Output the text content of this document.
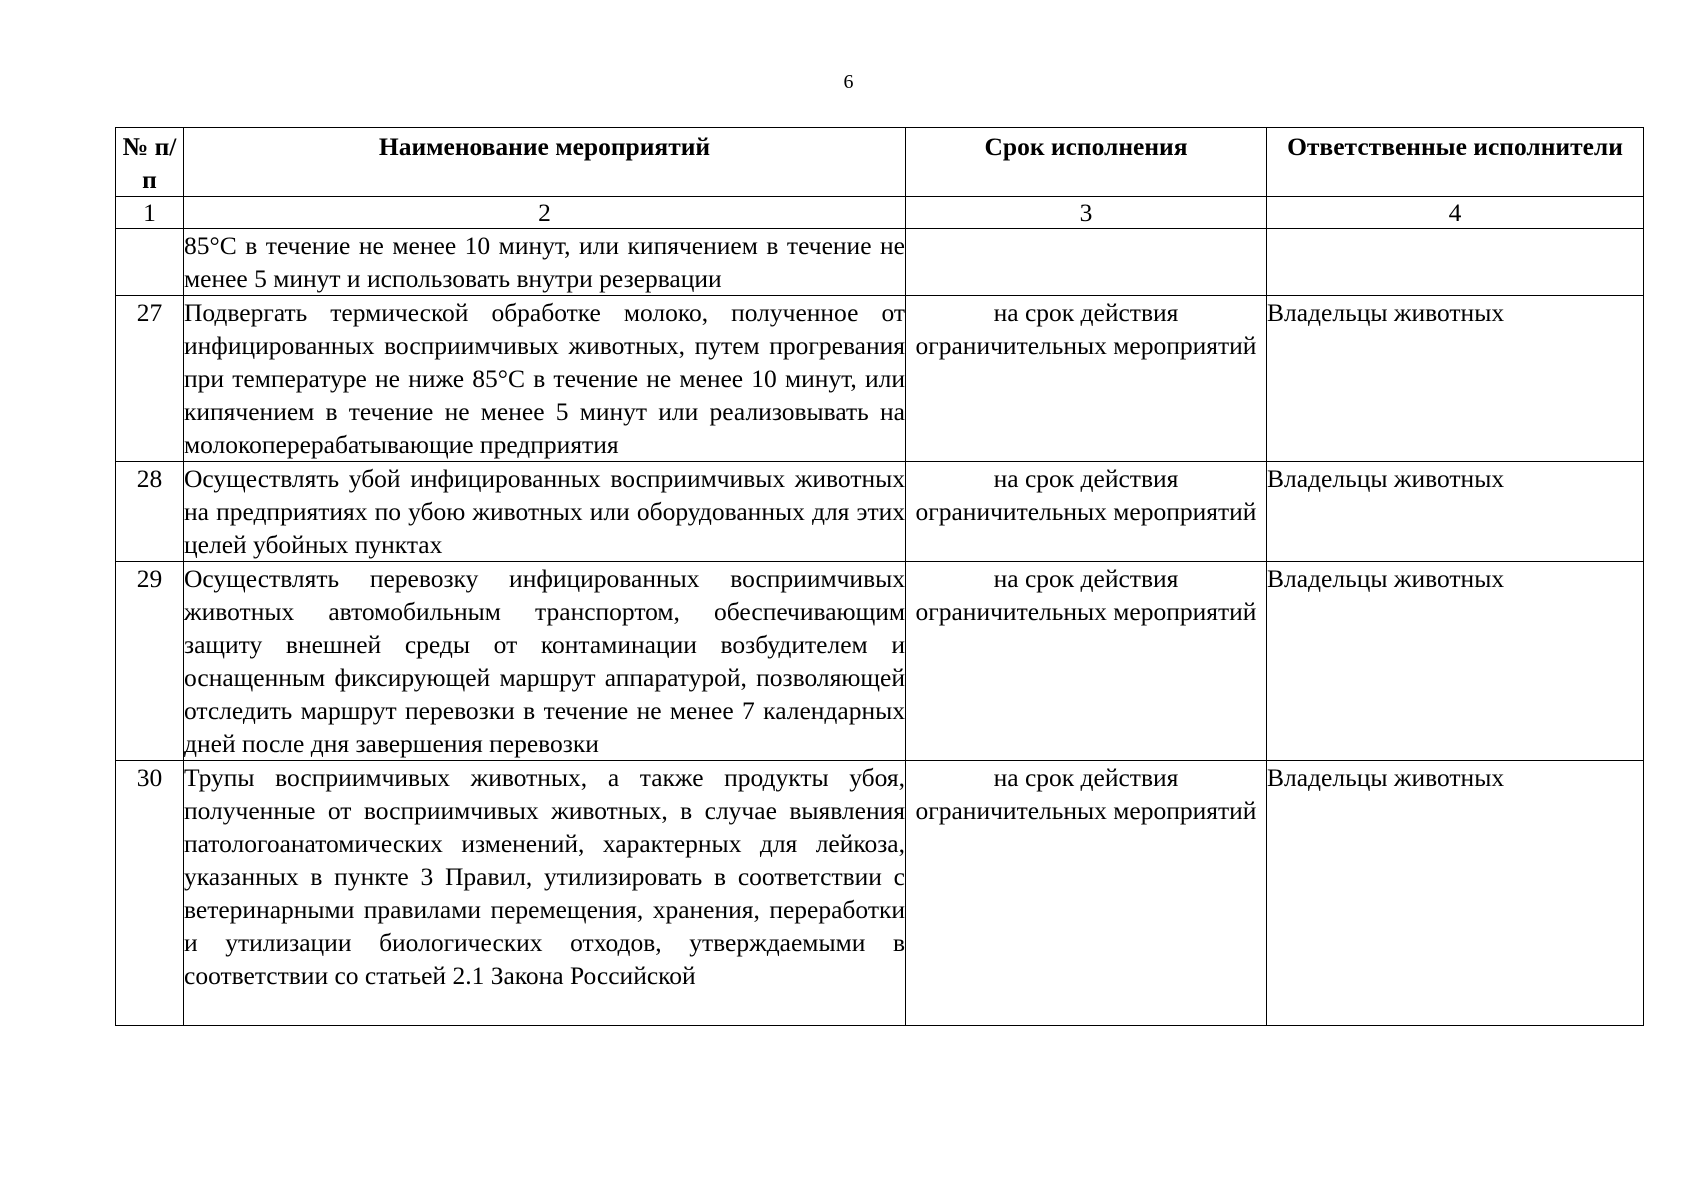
6
№ п/п	Наименование мероприятий	Срок исполнения	Ответственные исполнители
1	2	3	4

	85°С в течение не менее 10 минут, или кипячением в течение не менее 5 минут и использовать внутри резервации		

27	Подвергать термической обработке молоко, полученное от инфицированных восприимчивых животных, путем прогревания при температуре не ниже 85°С в течение не менее 10 минут, или кипячением в течение не менее 5 минут или реализовывать на молокоперерабатывающие предприятия	на срок действия ограничительных мероприятий	Владельцы животных
28	Осуществлять убой инфицированных восприимчивых животных на предприятиях по убою животных или оборудованных для этих целей убойных пунктах	на срок действия ограничительных мероприятий	Владельцы животных
29	Осуществлять перевозку инфицированных восприимчивых животных автомобильным транспортом, обеспечивающим защиту внешней среды от контаминации возбудителем и оснащенным фиксирующей маршрут аппаратурой, позволяющей отследить маршрут перевозки в течение не менее 7 календарных дней после дня завершения перевозки	на срок действия ограничительных мероприятий	Владельцы животных
30	Трупы восприимчивых животных, а также продукты убоя, полученные от восприимчивых животных, в случае выявления патологоанатомических изменений, характерных для лейкоза, указанных в пункте 3 Правил, утилизировать в соответствии с ветеринарными правилами перемещения, хранения, переработки и утилизации биологических отходов, утверждаемыми в соответствии со статьей 2.1 Закона Российской	на срок действия ограничительных мероприятий	Владельцы животных
